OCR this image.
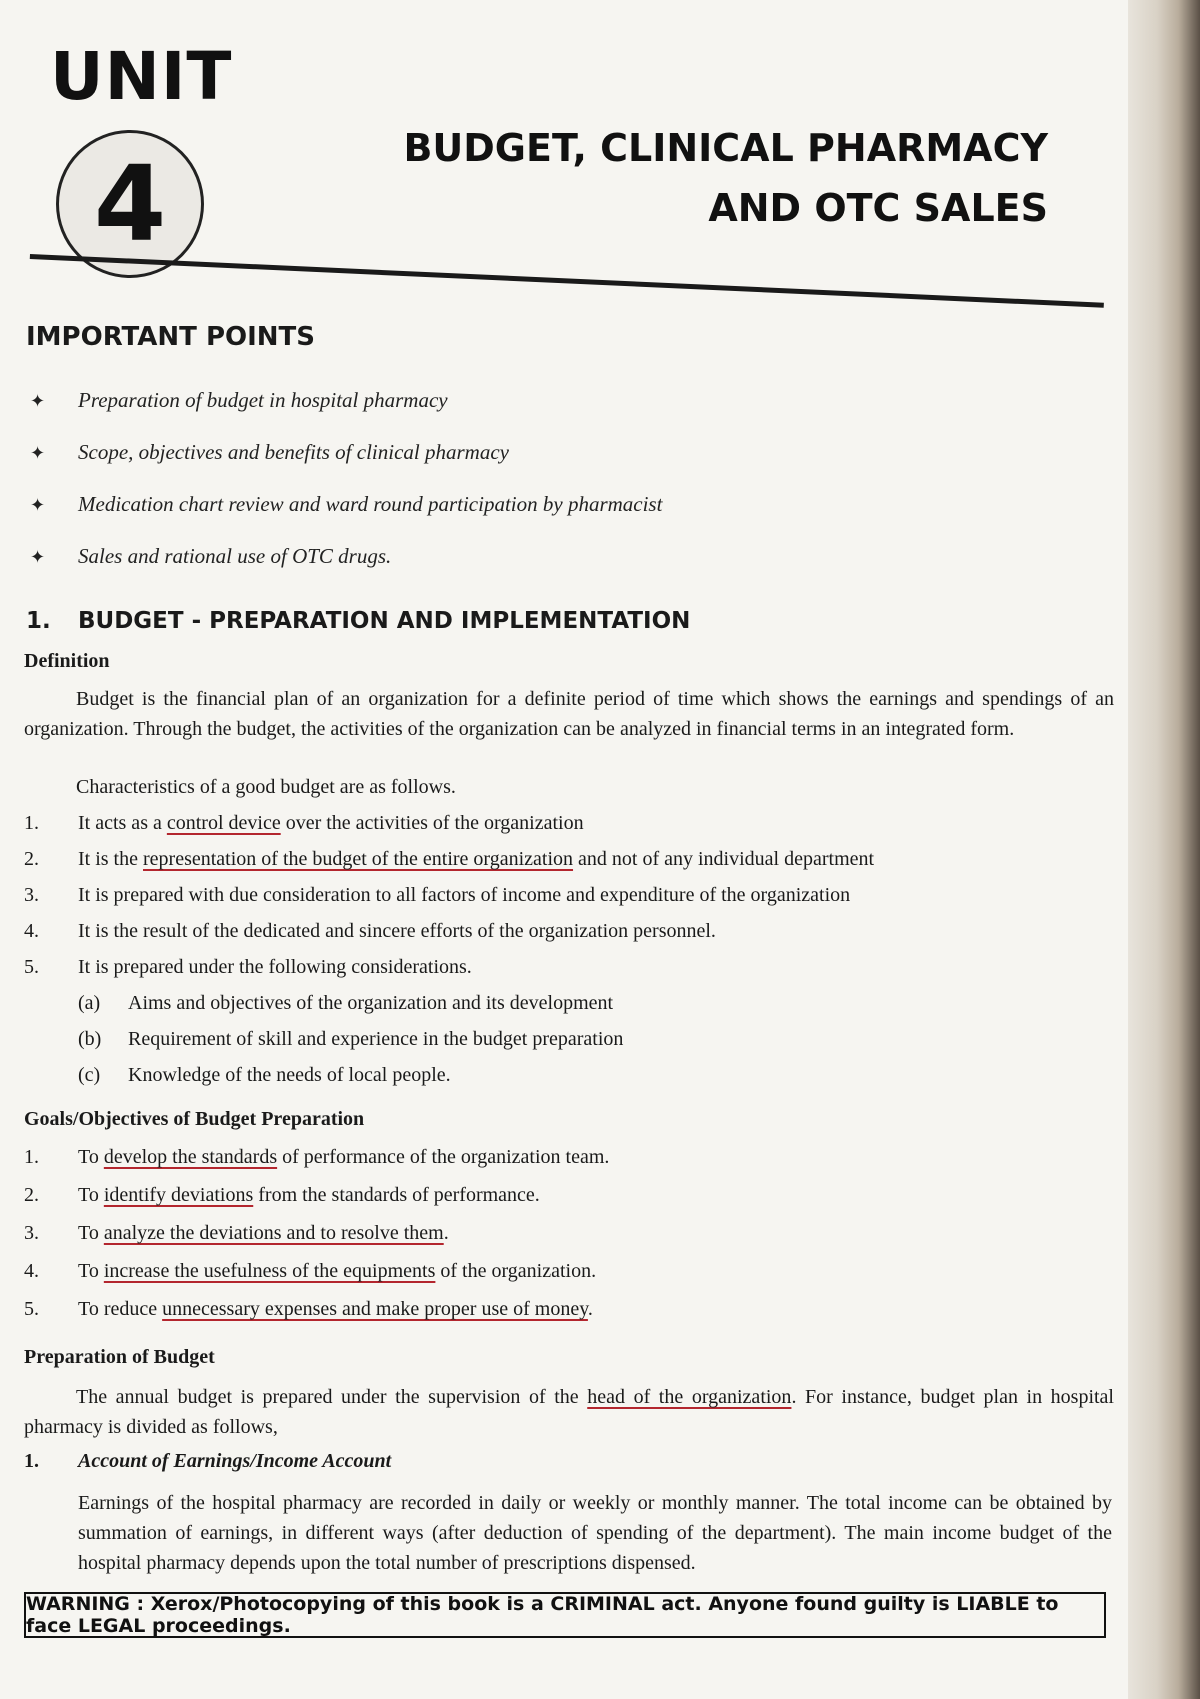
UNIT
4	BUDGET, CLINICAL PHARMACY
AND OTC SALES
IMPORTANT POINTS
✦ Preparation of budget in hospital pharmacy
✦ Scope, objectives and benefits of clinical pharmacy
✦ Medication chart review and ward round participation by pharmacist
✦ Sales and rational use of OTC drugs.
1. BUDGET - PREPARATION AND IMPLEMENTATION
Definition

Budget is the financial plan of an organization for a definite period of time which shows the earnings and spendings of an organization. Through the budget, the activities of the organization can be analyzed in financial terms in an integrated form.

Characteristics of a good budget are as follows.
1. It acts as a control device over the activities of the organization
2. It is the representation of the budget of the entire organization and not of any individual department
3. It is prepared with due consideration to all factors of income and expenditure of the organization
4. It is the result of the dedicated and sincere efforts of the organization personnel.
5. It is prepared under the following considerations.
(a) Aims and objectives of the organization and its development
(b) Requirement of skill and experience in the budget preparation
(c) Knowledge of the needs of local people.
Goals/Objectives of Budget Preparation
1. To develop the standards of performance of the organization team.
2. To identify deviations from the standards of performance.
3. To analyze the deviations and to resolve them.
4. To increase the usefulness of the equipments of the organization.
5. To reduce unnecessary expenses and make proper use of money.
Preparation of Budget

The annual budget is prepared under the supervision of the head of the organization. For instance, budget plan in hospital pharmacy is divided as follows,

1. Account of Earnings/Income Account

Earnings of the hospital pharmacy are recorded in daily or weekly or monthly manner. The total income can be obtained by summation of earnings, in different ways (after deduction of spending of the department). The main income budget of the hospital pharmacy depends upon the total number of prescriptions dispensed.

WARNING : Xerox/Photocopying of this book is a CRIMINAL act. Anyone found guilty is LIABLE to face LEGAL proceedings.
